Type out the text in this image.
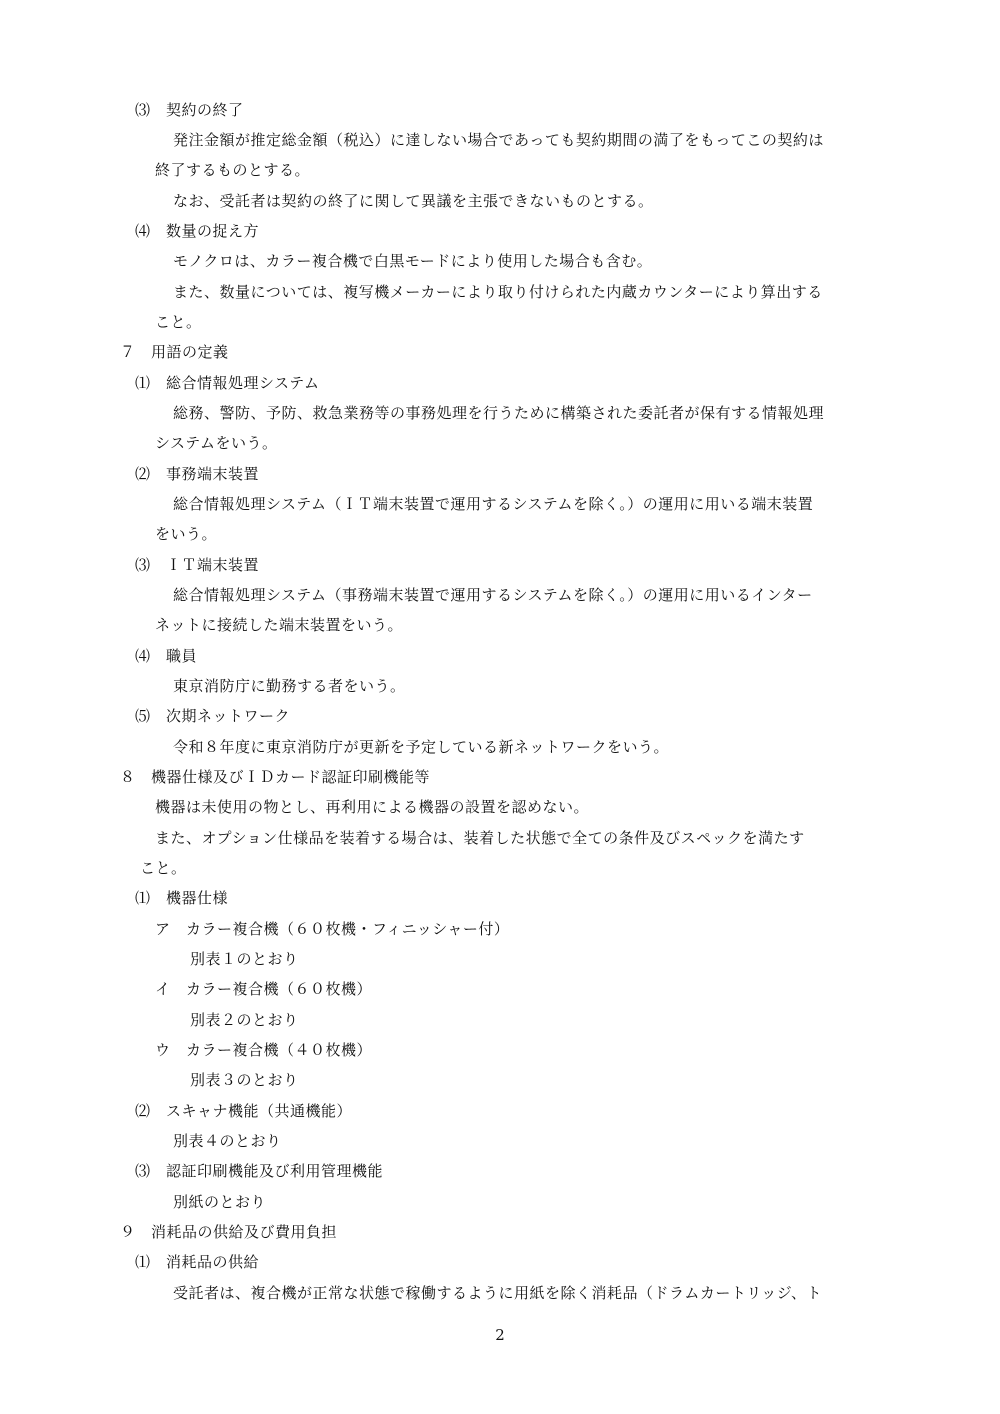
⑶　契約の終了
発注金額が推定総金額（税込）に達しない場合であっても契約期間の満了をもってこの契約は
終了するものとする。
なお、受託者は契約の終了に関して異議を主張できないものとする。
⑷　数量の捉え方
モノクロは、カラー複合機で白黒モードにより使用した場合も含む。
また、数量については、複写機メーカーにより取り付けられた内蔵カウンターにより算出する
こと。
７　用語の定義
⑴　総合情報処理システム
総務、警防、予防、救急業務等の事務処理を行うために構築された委託者が保有する情報処理
システムをいう。
⑵　事務端末装置
総合情報処理システム（ＩＴ端末装置で運用するシステムを除く。）の運用に用いる端末装置
をいう。
⑶　ＩＴ端末装置
総合情報処理システム（事務端末装置で運用するシステムを除く。）の運用に用いるインター
ネットに接続した端末装置をいう。
⑷　職員
東京消防庁に勤務する者をいう。
⑸　次期ネットワーク
令和８年度に東京消防庁が更新を予定している新ネットワークをいう。
８　機器仕様及びＩＤカード認証印刷機能等
機器は未使用の物とし、再利用による機器の設置を認めない。
また、オプション仕様品を装着する場合は、装着した状態で全ての条件及びスペックを満たす
こと。
⑴　機器仕様
ア　カラー複合機（６０枚機・フィニッシャー付）
別表１のとおり
イ　カラー複合機（６０枚機）
別表２のとおり
ウ　カラー複合機（４０枚機）
別表３のとおり
⑵　スキャナ機能（共通機能）
別表４のとおり
⑶　認証印刷機能及び利用管理機能
別紙のとおり
９　消耗品の供給及び費用負担
⑴　消耗品の供給
受託者は、複合機が正常な状態で稼働するように用紙を除く消耗品（ドラムカートリッジ、ト
2
